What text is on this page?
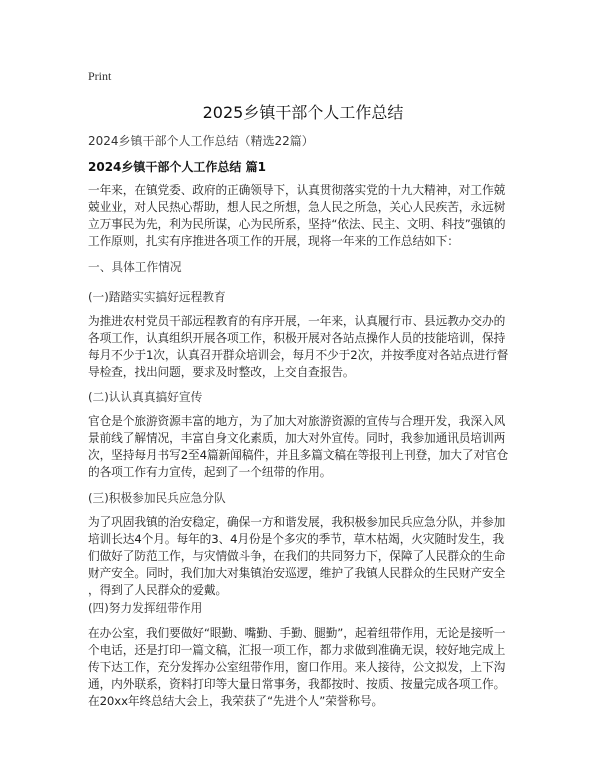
Print
2025乡镇干部个人工作总结
2024乡镇干部个人工作总结（精选22篇）
2024乡镇干部个人工作总结 篇1
一年来，在镇党委、政府的正确领导下，认真贯彻落实党的十九大精神，对工作兢
兢业业，对人民热心帮助，想人民之所想，急人民之所急，关心人民疾苦，永远树
立万事民为先，利为民所谋，心为民所系，坚持“依法、民主、文明、科技”强镇的
工作原则，扎实有序推进各项工作的开展，现将一年来的工作总结如下：
一、具体工作情况
(一)踏踏实实搞好远程教育
为推进农村党员干部远程教育的有序开展，一年来，认真履行市、县远教办交办的
各项工作，认真组织开展各项工作，积极开展对各站点操作人员的技能培训，保持
每月不少于1次，认真召开群众培训会，每月不少于2次，并按季度对各站点进行督
导检查，找出问题，要求及时整改，上交自查报告。
(二)认认真真搞好宣传
官仓是个旅游资源丰富的地方，为了加大对旅游资源的宣传与合理开发，我深入风
景前线了解情况，丰富自身文化素质，加大对外宣传。同时，我参加通讯员培训两
次，坚持每月书写2至4篇新闻稿件，并且多篇文稿在等报刊上刊登，加大了对官仓
的各项工作有力宣传，起到了一个纽带的作用。
(三)积极参加民兵应急分队
为了巩固我镇的治安稳定，确保一方和谐发展，我积极参加民兵应急分队，并参加
培训长达4个月。每年的3、4月份是个多灾的季节，草木枯竭，火灾随时发生，我
们做好了防范工作，与灾情做斗争，在我们的共同努力下，保障了人民群众的生命
财产安全。同时，我们加大对集镇治安巡逻，维护了我镇人民群众的生民财产安全
，得到了人民群众的爱戴。
(四)努力发挥纽带作用
在办公室，我们要做好“眼勤、嘴勤、手勤、腿勤”，起着纽带作用，无论是接听一
个电话，还是打印一篇文稿，汇报一项工作，都力求做到准确无误，较好地完成上
传下达工作，充分发挥办公室纽带作用，窗口作用。来人接待，公文拟发，上下沟
通，内外联系，资料打印等大量日常事务，我都按时、按质、按量完成各项工作。
在20xx年终总结大会上，我荣获了“先进个人”荣誉称号。
